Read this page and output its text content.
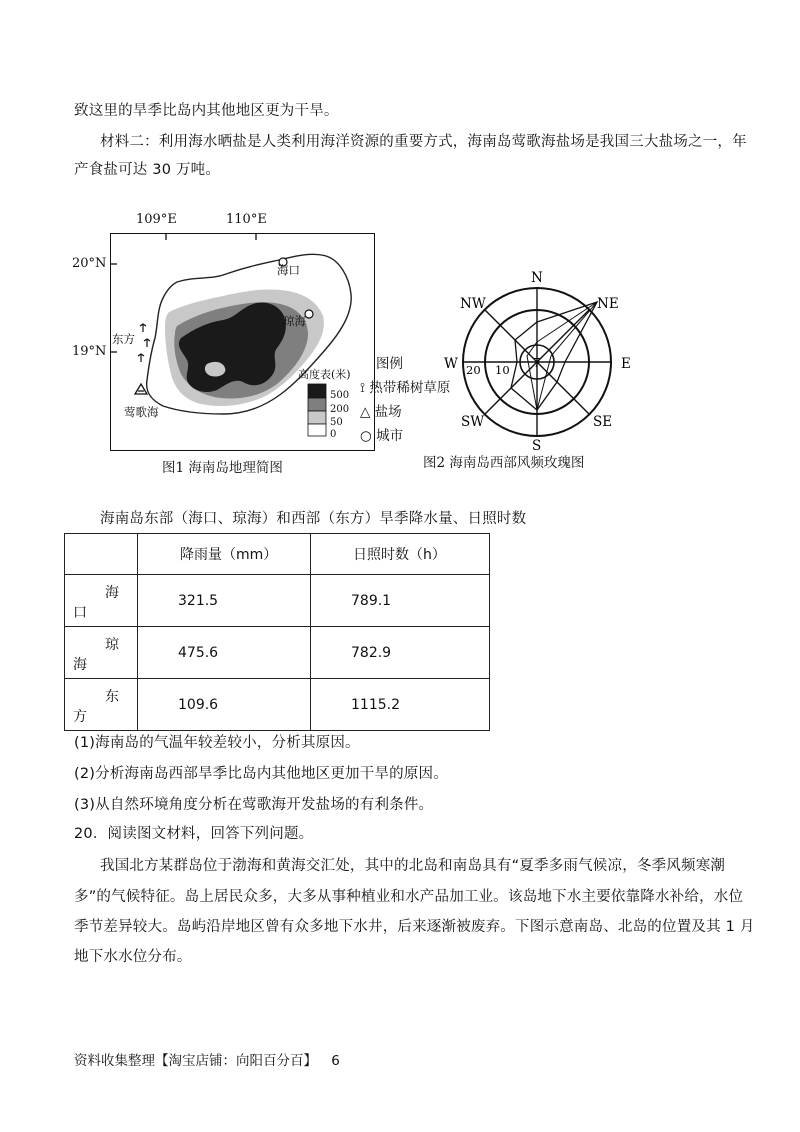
致这里的旱季比岛内其他地区更为干旱。
材料二：利用海水晒盐是人类利用海洋资源的重要方式，海南岛莺歌海盐场是我国三大盐场之一，年
产食盐可达 30 万吨。
109°E	110°E
20°N
19°N
海口
琼海
东方
莺歌海
高度表(米)
500
200
50
0
图1 海南岛地理简图
图例
⟟ 热带稀树草原
△ 盐场
○ 城市
N
NE
E
SE
S
SW
W
NW
7
10
20
图2 海南岛西部风频玫瑰图
海南岛东部（海口、琼海）和西部（东方）旱季降水量、日照时数
	降雨量（mm）	日照时数（h）

海
口	321.5	789.1

琼
海	475.6	782.9

东
方	109.6	1115.2
(1)海南岛的气温年较差较小，分析其原因。
(2)分析海南岛西部旱季比岛内其他地区更加干旱的原因。
(3)从自然环境角度分析在莺歌海开发盐场的有利条件。
20．阅读图文材料，回答下列问题。
我国北方某群岛位于渤海和黄海交汇处，其中的北岛和南岛具有“夏季多雨气候凉，冬季风频寒潮
多”的气候特征。岛上居民众多，大多从事种植业和水产品加工业。该岛地下水主要依靠降水补给，水位
季节差异较大。岛屿沿岸地区曾有众多地下水井，后来逐渐被废弃。下图示意南岛、北岛的位置及其 1 月
地下水水位分布。
资料收集整理【淘宝店铺：向阳百分百】 6
